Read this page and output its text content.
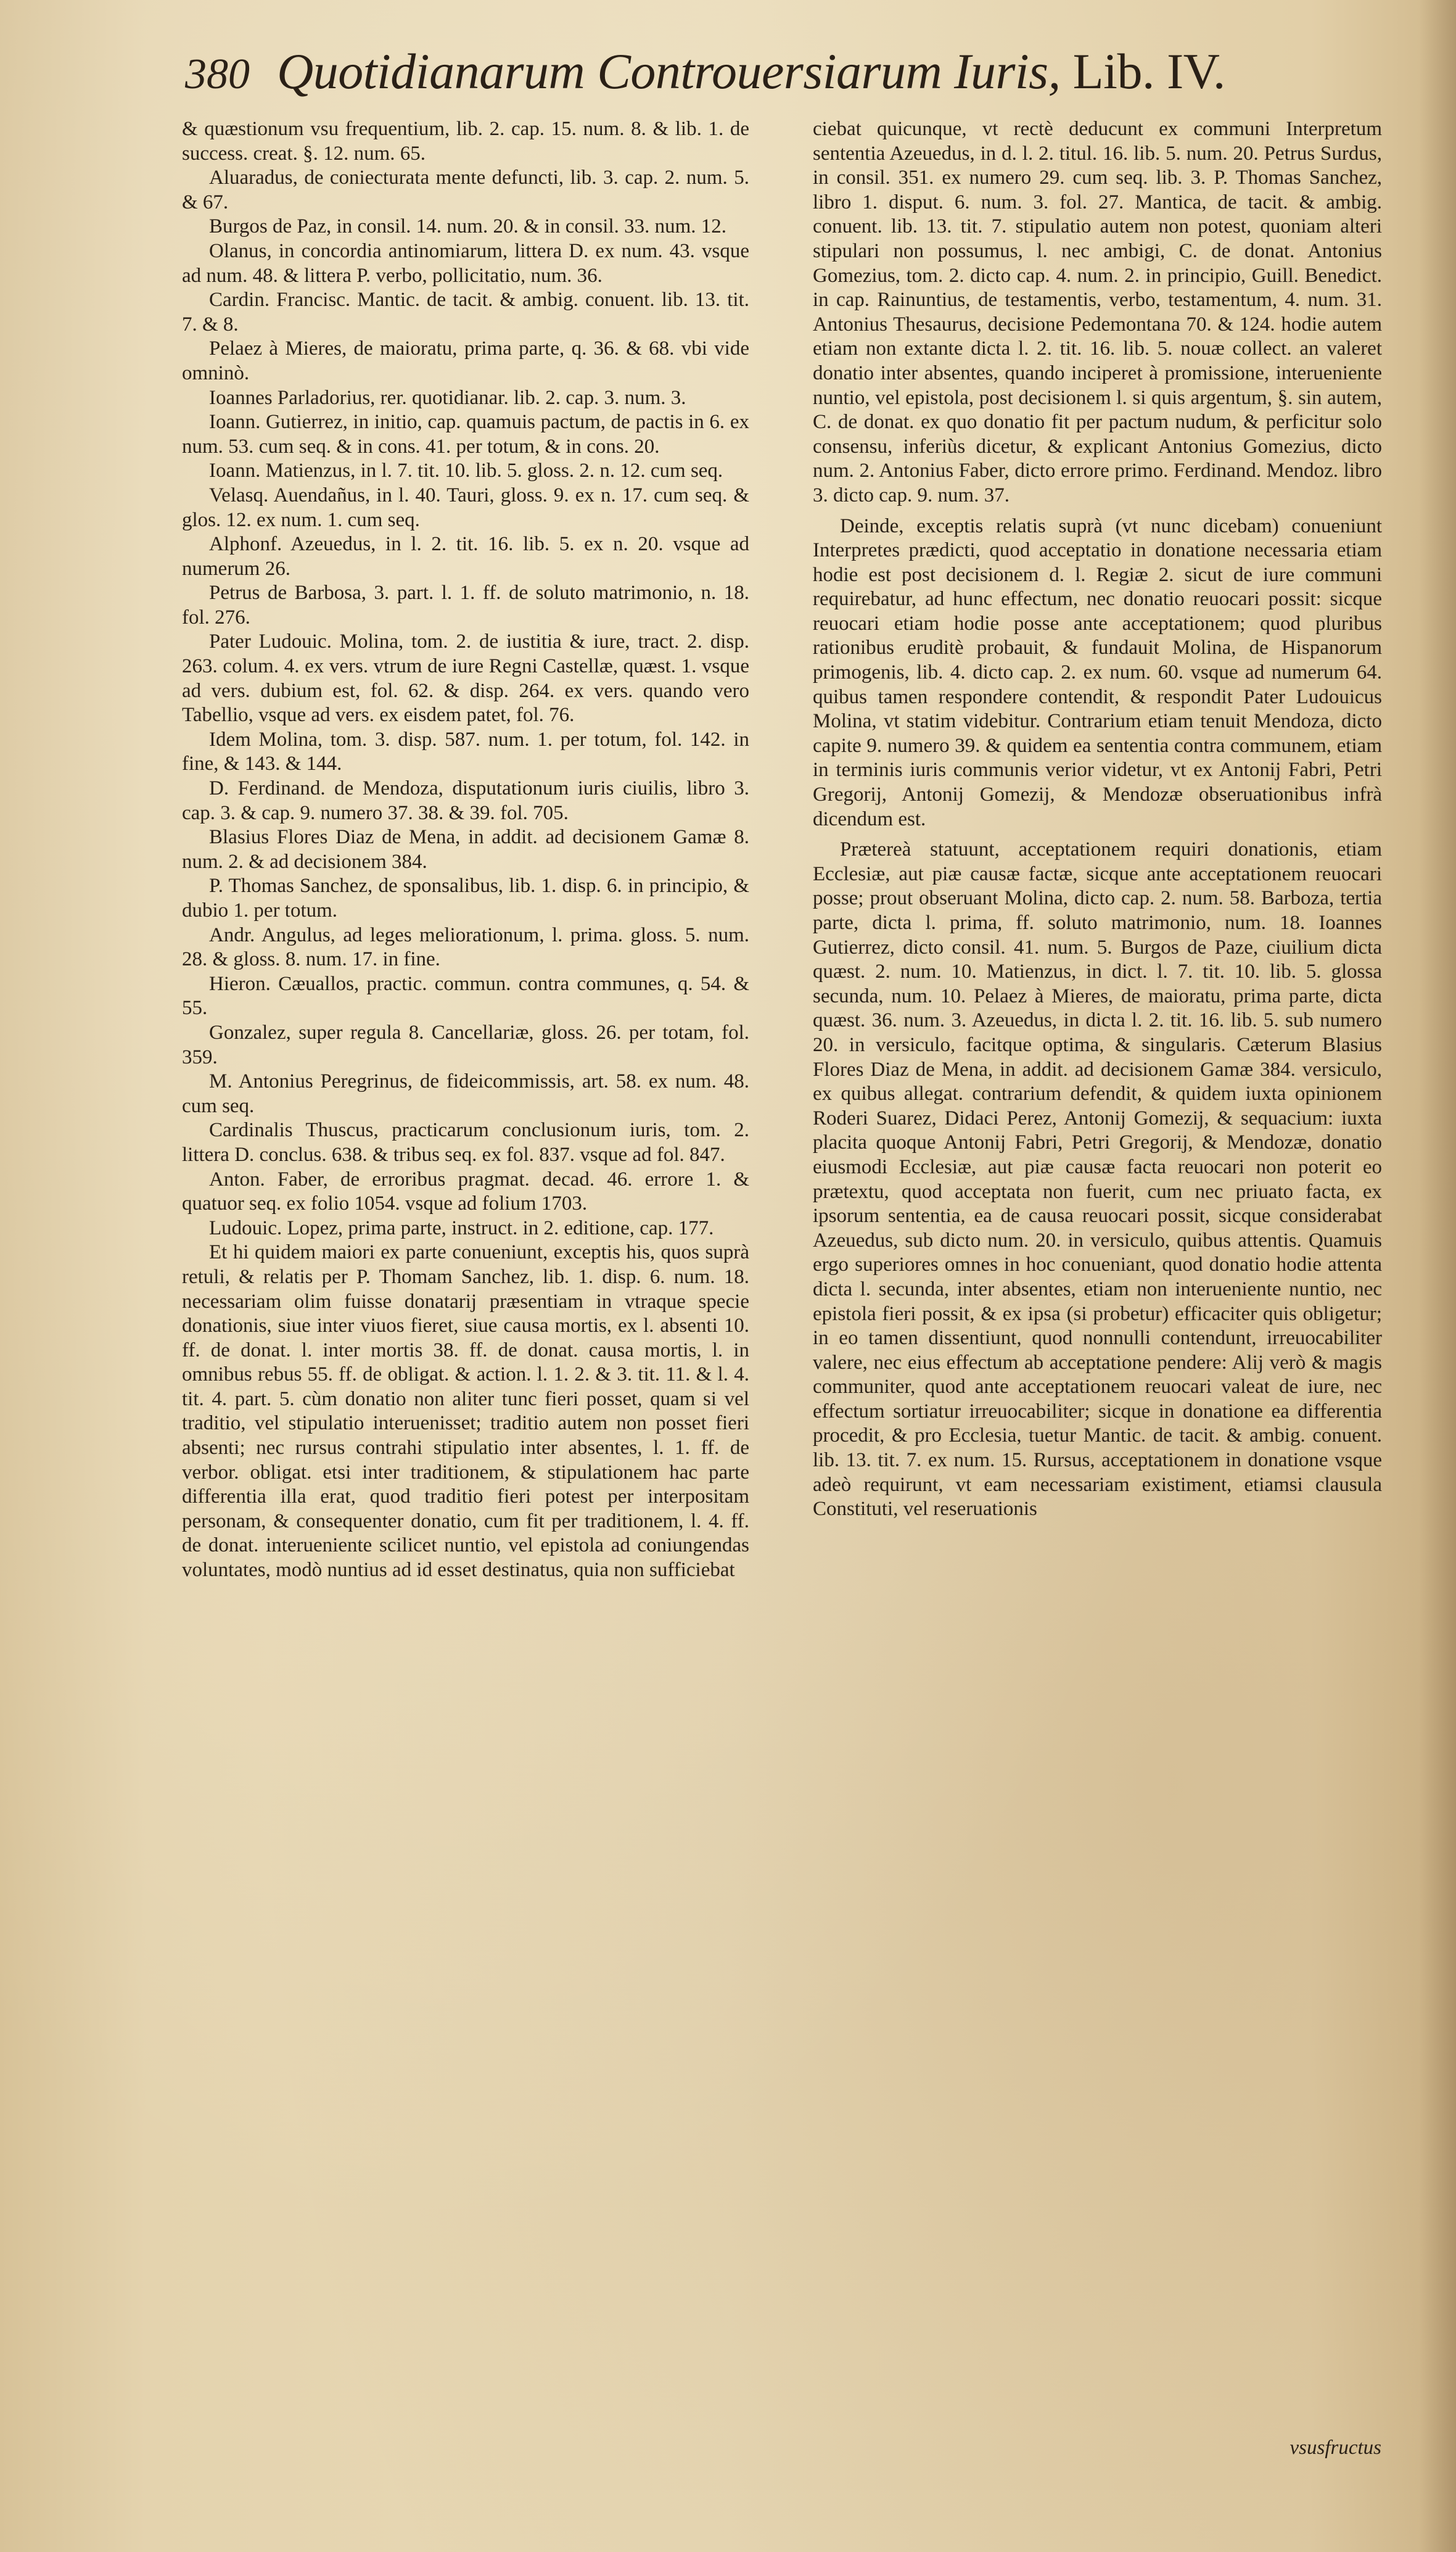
380 Quotidianarum Controuersiarum Iuris, Lib. IV.

& quæstionum vsu frequentium, lib. 2. cap. 15. num. 8. & lib. 1. de success. creat. §. 12. num. 65.

Aluaradus, de coniecturata mente defuncti, lib. 3. cap. 2. num. 5. & 67.

Burgos de Paz, in consil. 14. num. 20. & in consil. 33. num. 12.

Olanus, in concordia antinomiarum, littera D. ex num. 43. vsque ad num. 48. & littera P. verbo, pollicitatio, num. 36.

Cardin. Francisc. Mantic. de tacit. & ambig. conuent. lib. 13. tit. 7. & 8.

Pelaez à Mieres, de maioratu, prima parte, q. 36. & 68. vbi vide omninò.

Ioannes Parladorius, rer. quotidianar. lib. 2. cap. 3. num. 3.

Ioann. Gutierrez, in initio, cap. quamuis pactum, de pactis in 6. ex num. 53. cum seq. & in cons. 41. per totum, & in cons. 20.

Ioann. Matienzus, in l. 7. tit. 10. lib. 5. gloss. 2. n. 12. cum seq.

Velasq. Auendañus, in l. 40. Tauri, gloss. 9. ex n. 17. cum seq. & glos. 12. ex num. 1. cum seq.

Alphonf. Azeuedus, in l. 2. tit. 16. lib. 5. ex n. 20. vsque ad numerum 26.

Petrus de Barbosa, 3. part. l. 1. ff. de soluto matrimonio, n. 18. fol. 276.

Pater Ludouic. Molina, tom. 2. de iustitia & iure, tract. 2. disp. 263. colum. 4. ex vers. vtrum de iure Regni Castellæ, quæst. 1. vsque ad vers. dubium est, fol. 62. & disp. 264. ex vers. quando vero Tabellio, vsque ad vers. ex eisdem patet, fol. 76.

Idem Molina, tom. 3. disp. 587. num. 1. per totum, fol. 142. in fine, & 143. & 144.

D. Ferdinand. de Mendoza, disputationum iuris ciuilis, libro 3. cap. 3. & cap. 9. numero 37. 38. & 39. fol. 705.

Blasius Flores Diaz de Mena, in addit. ad decisionem Gamæ 8. num. 2. & ad decisionem 384.

P. Thomas Sanchez, de sponsalibus, lib. 1. disp. 6. in principio, & dubio 1. per totum.

Andr. Angulus, ad leges meliorationum, l. prima. gloss. 5. num. 28. & gloss. 8. num. 17. in fine.

Hieron. Cæuallos, practic. commun. contra communes, q. 54. & 55.

Gonzalez, super regula 8. Cancellariæ, gloss. 26. per totam, fol. 359.

M. Antonius Peregrinus, de fideicommissis, art. 58. ex num. 48. cum seq.

Cardinalis Thuscus, practicarum conclusionum iuris, tom. 2. littera D. conclus. 638. & tribus seq. ex fol. 837. vsque ad fol. 847.

Anton. Faber, de erroribus pragmat. decad. 46. errore 1. & quatuor seq. ex folio 1054. vsque ad folium 1703.

Ludouic. Lopez, prima parte, instruct. in 2. editione, cap. 177.

Et hi quidem maiori ex parte conueniunt, exceptis his, quos suprà retuli, & relatis per P. Thomam Sanchez, lib. 1. disp. 6. num. 18. necessariam olim fuisse donatarij præsentiam in vtraque specie donationis, siue inter viuos fieret, siue causa mortis, ex l. absenti 10. ff. de donat. l. inter mortis 38. ff. de donat. causa mortis, l. in omnibus rebus 55. ff. de obligat. & action. l. 1. 2. & 3. tit. 11. & l. 4. tit. 4. part. 5. cùm donatio non aliter tunc fieri posset, quam si vel traditio, vel stipulatio interuenisset; traditio autem non posset fieri absenti; nec rursus contrahi stipulatio inter absentes, l. 1. ff. de verbor. obligat. etsi inter traditionem, & stipulationem hac parte differentia illa erat, quod traditio fieri potest per interpositam personam, & consequenter donatio, cum fit per traditionem, l. 4. ff. de donat. interueniente scilicet nuntio, vel epistola ad coniungendas voluntates, modò nuntius ad id esset destinatus, quia non sufficiebat

ciebat quicunque, vt rectè deducunt ex communi Interpretum sententia Azeuedus, in d. l. 2. titul. 16. lib. 5. num. 20. Petrus Surdus, in consil. 351. ex numero 29. cum seq. lib. 3. P. Thomas Sanchez, libro 1. disput. 6. num. 3. fol. 27. Mantica, de tacit. & ambig. conuent. lib. 13. tit. 7. stipulatio autem non potest, quoniam alteri stipulari non possumus, l. nec ambigi, C. de donat. Antonius Gomezius, tom. 2. dicto cap. 4. num. 2. in principio, Guill. Benedict. in cap. Rainuntius, de testamentis, verbo, testamentum, 4. num. 31. Antonius Thesaurus, decisione Pedemontana 70. & 124. hodie autem etiam non extante dicta l. 2. tit. 16. lib. 5. nouæ collect. an valeret donatio inter absentes, quando inciperet à promissione, interueniente nuntio, vel epistola, post decisionem l. si quis argentum, §. sin autem, C. de donat. ex quo donatio fit per pactum nudum, & perficitur solo consensu, inferiùs dicetur, & explicant Antonius Gomezius, dicto num. 2. Antonius Faber, dicto errore primo. Ferdinand. Mendoz. libro 3. dicto cap. 9. num. 37.

Deinde, exceptis relatis suprà (vt nunc dicebam) conueniunt Interpretes prædicti, quod acceptatio in donatione necessaria etiam hodie est post decisionem d. l. Regiæ 2. sicut de iure communi requirebatur, ad hunc effectum, nec donatio reuocari possit: sicque reuocari etiam hodie posse ante acceptationem; quod pluribus rationibus eruditè probauit, & fundauit Molina, de Hispanorum primogenis, lib. 4. dicto cap. 2. ex num. 60. vsque ad numerum 64. quibus tamen respondere contendit, & respondit Pater Ludouicus Molina, vt statim videbitur. Contrarium etiam tenuit Mendoza, dicto capite 9. numero 39. & quidem ea sententia contra communem, etiam in terminis iuris communis verior videtur, vt ex Antonij Fabri, Petri Gregorij, Antonij Gomezij, & Mendozæ obseruationibus infrà dicendum est.

Prætereà statuunt, acceptationem requiri donationis, etiam Ecclesiæ, aut piæ causæ factæ, sicque ante acceptationem reuocari posse; prout obseruant Molina, dicto cap. 2. num. 58. Barboza, tertia parte, dicta l. prima, ff. soluto matrimonio, num. 18. Ioannes Gutierrez, dicto consil. 41. num. 5. Burgos de Paze, ciuilium dicta quæst. 2. num. 10. Matienzus, in dict. l. 7. tit. 10. lib. 5. glossa secunda, num. 10. Pelaez à Mieres, de maioratu, prima parte, dicta quæst. 36. num. 3. Azeuedus, in dicta l. 2. tit. 16. lib. 5. sub numero 20. in versiculo, facitque optima, & singularis. Cæterum Blasius Flores Diaz de Mena, in addit. ad decisionem Gamæ 384. versiculo, ex quibus allegat. contrarium defendit, & quidem iuxta opinionem Roderi Suarez, Didaci Perez, Antonij Gomezij, & sequacium: iuxta placita quoque Antonij Fabri, Petri Gregorij, & Mendozæ, donatio eiusmodi Ecclesiæ, aut piæ causæ facta reuocari non poterit eo prætextu, quod acceptata non fuerit, cum nec priuato facta, ex ipsorum sententia, ea de causa reuocari possit, sicque considerabat Azeuedus, sub dicto num. 20. in versiculo, quibus attentis. Quamuis ergo superiores omnes in hoc conueniant, quod donatio hodie attenta dicta l. secunda, inter absentes, etiam non interueniente nuntio, nec epistola fieri possit, & ex ipsa (si probetur) efficaciter quis obligetur; in eo tamen dissentiunt, quod nonnulli contendunt, irreuocabiliter valere, nec eius effectum ab acceptatione pendere: Alij verò & magis communiter, quod ante acceptationem reuocari valeat de iure, nec effectum sortiatur irreuocabiliter; sicque in donatione ea differentia procedit, & pro Ecclesia, tuetur Mantic. de tacit. & ambig. conuent. lib. 13. tit. 7. ex num. 15. Rursus, acceptationem in donatione vsque adeò requirunt, vt eam necessariam existiment, etiamsi clausula Constituti, vel reseruationis

vsusfructus
